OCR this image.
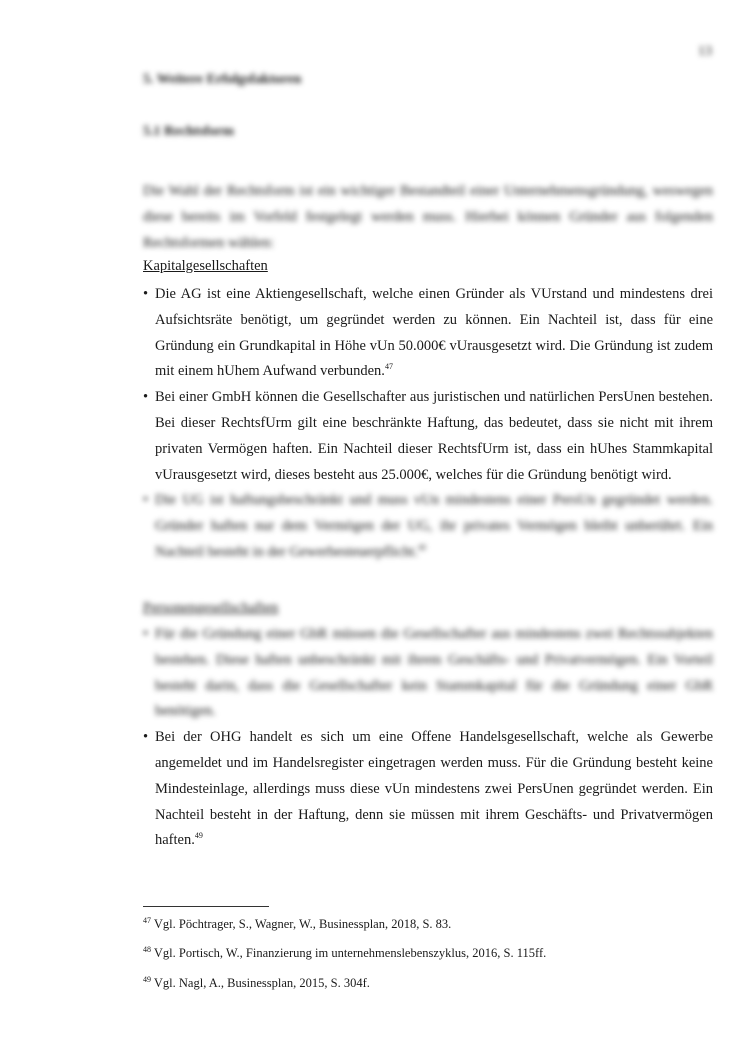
13
5. Weitere Erfolgsfaktoren
5.1 Rechtsform

Die Wahl der Rechtsform ist ein wichtiger Bestandteil einer Unternehmensgründung, weswegen diese bereits im Vorfeld festgelegt werden muss. Hierbei können Gründer aus folgenden Rechtsformen wählen:

Kapitalgesellschaften
• Die AG ist eine Aktiengesellschaft, welche einen Gründer als VUrstand und mindestens drei Aufsichtsräte benötigt, um gegründet werden zu können. Ein Nachteil ist, dass für eine Gründung ein Grundkapital in Höhe vUn 50.000€ vUrausgesetzt wird. Die Gründung ist zudem mit einem hUhem Aufwand verbunden.$^{47}$
• Bei einer GmbH können die Gesellschafter aus juristischen und natürlichen PersUnen bestehen. Bei dieser RechtsfUrm gilt eine beschränkte Haftung, das bedeutet, dass sie nicht mit ihrem privaten Vermögen haften. Ein Nachteil dieser RechtsfUrm ist, dass ein hUhes Stammkapital vUrausgesetzt wird, dieses besteht aus 25.000€, welches für die Gründung benötigt wird.
• Die UG ist haftungsbeschränkt und muss vUn mindestens einer PersUn gegründet werden. Gründer haften nur dem Vermögen der UG, ihr privates Vermögen bleibt unberührt. Ein Nachteil besteht in der Gewerbesteuerpflicht.$^{48}$
Personengesellschaften
• Für die Gründung einer GbR müssen die Gesellschafter aus mindestens zwei Rechtssubjekten bestehen. Diese haften unbeschränkt mit ihrem Geschäfts- und Privatvermögen. Ein Vorteil besteht darin, dass die Gesellschafter kein Stammkapital für die Gründung einer GbR benötigen.
• Bei der OHG handelt es sich um eine Offene Handelsgesellschaft, welche als Gewerbe angemeldet und im Handelsregister eingetragen werden muss. Für die Gründung besteht keine Mindesteinlage, allerdings muss diese vUn mindestens zwei PersUnen gegründet werden. Ein Nachteil besteht in der Haftung, denn sie müssen mit ihrem Geschäfts- und Privatvermögen haften.$^{49}$
$^{47}$ Vgl. Pöchtrager, S., Wagner, W., Businessplan, 2018, S. 83.
$^{48}$ Vgl. Portisch, W., Finanzierung im unternehmenslebenszyklus, 2016, S. 115ff.
$^{49}$ Vgl. Nagl, A., Businessplan, 2015, S. 304f.
